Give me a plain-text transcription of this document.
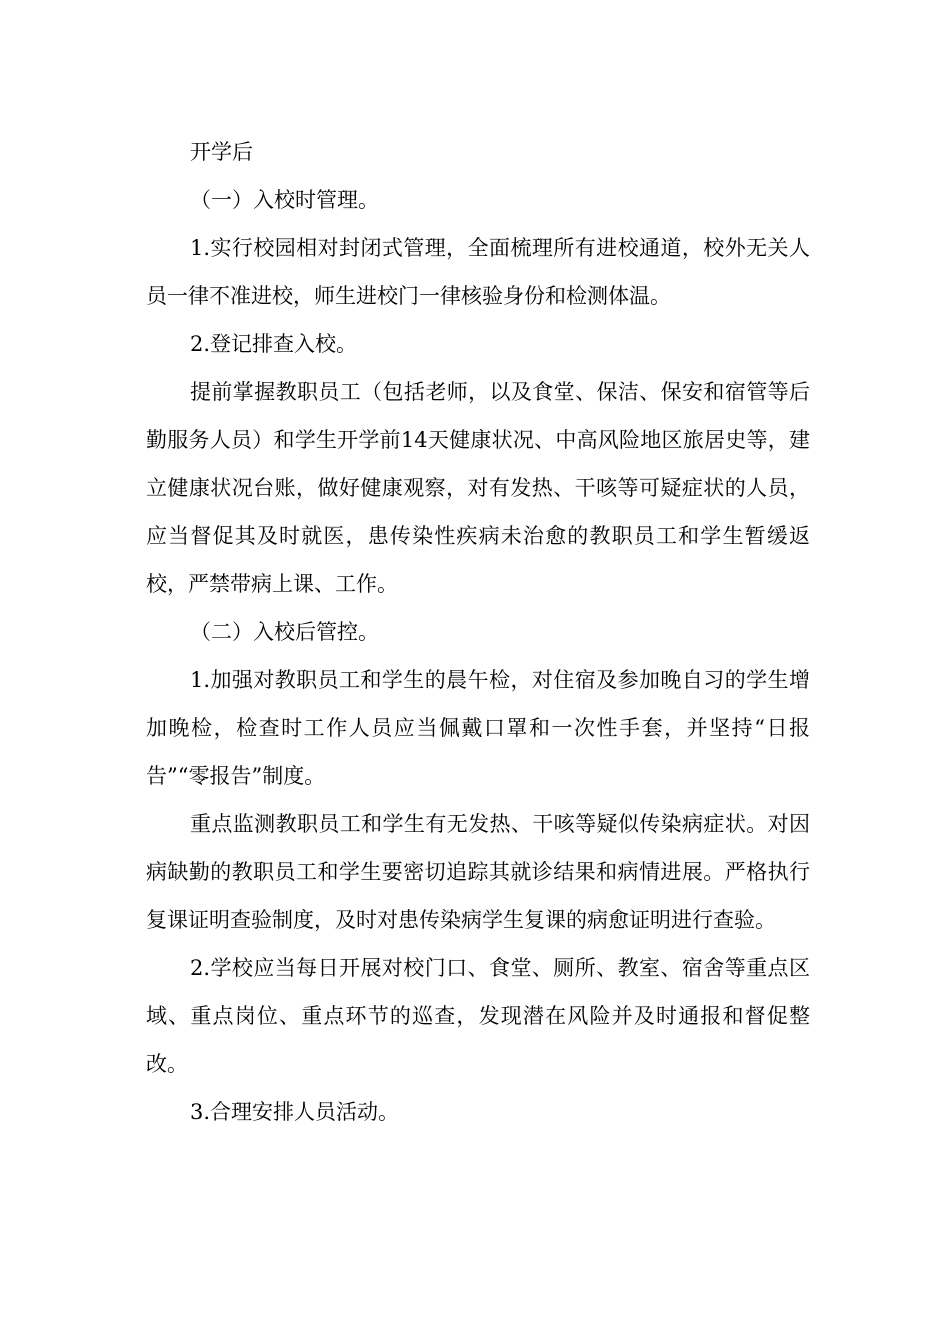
开学后

（一）入校时管理。

1.实行校园相对封闭式管理，全面梳理所有进校通道，校外无关人员一律不准进校，师生进校门一律核验身份和检测体温。

2.登记排查入校。

提前掌握教职员工（包括老师，以及食堂、保洁、保安和宿管等后勤服务人员）和学生开学前14天健康状况、中高风险地区旅居史等，建立健康状况台账，做好健康观察，对有发热、干咳等可疑症状的人员，应当督促其及时就医，患传染性疾病未治愈的教职员工和学生暂缓返校，严禁带病上课、工作。

（二）入校后管控。

1.加强对教职员工和学生的晨午检，对住宿及参加晚自习的学生增加晚检，检查时工作人员应当佩戴口罩和一次性手套，并坚持“日报告”“零报告”制度。

重点监测教职员工和学生有无发热、干咳等疑似传染病症状。对因病缺勤的教职员工和学生要密切追踪其就诊结果和病情进展。严格执行复课证明查验制度，及时对患传染病学生复课的病愈证明进行查验。

2.学校应当每日开展对校门口、食堂、厕所、教室、宿舍等重点区域、重点岗位、重点环节的巡查，发现潜在风险并及时通报和督促整改。

3.合理安排人员活动。
